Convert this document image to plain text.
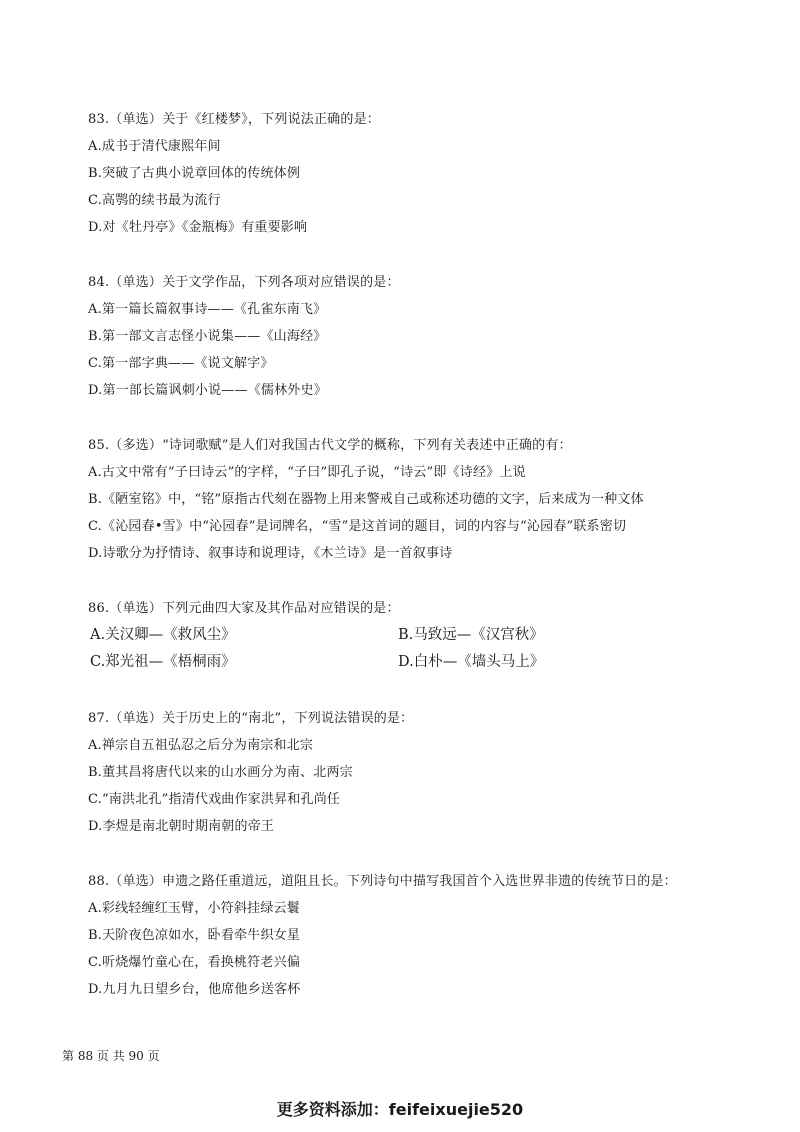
83.（单选）关于《红楼梦》，下列说法正确的是：
A.成书于清代康熙年间
B.突破了古典小说章回体的传统体例
C.高鹗的续书最为流行
D.对《牡丹亭》《金瓶梅》有重要影响
84.（单选）关于文学作品，下列各项对应错误的是：
A.第一篇长篇叙事诗——《孔雀东南飞》
B.第一部文言志怪小说集——《山海经》
C.第一部字典——《说文解字》
D.第一部长篇讽刺小说——《儒林外史》
85.（多选）“诗词歌赋”是人们对我国古代文学的概称，下列有关表述中正确的有：
A.古文中常有“子曰诗云”的字样，“子曰”即孔子说，“诗云”即《诗经》上说
B.《陋室铭》中，“铭”原指古代刻在器物上用来警戒自己或称述功德的文字，后来成为一种文体
C.《沁园春•雪》中“沁园春”是词牌名，“雪”是这首词的题目，词的内容与“沁园春”联系密切
D.诗歌分为抒情诗、叙事诗和说理诗，《木兰诗》是一首叙事诗
86.（单选）下列元曲四大家及其作品对应错误的是：
A.关汉卿—《救风尘》	B.马致远—《汉宫秋》
C.郑光祖—《梧桐雨》	D.白朴—《墙头马上》
87.（单选）关于历史上的“南北”，下列说法错误的是：
A.禅宗自五祖弘忍之后分为南宗和北宗
B.董其昌将唐代以来的山水画分为南、北两宗
C.“南洪北孔”指清代戏曲作家洪昇和孔尚任
D.李煜是南北朝时期南朝的帝王
88.（单选）申遗之路任重道远，道阻且长。下列诗句中描写我国首个入选世界非遗的传统节日的是：
A.彩线轻缠红玉臂，小符斜挂绿云鬟
B.天阶夜色凉如水，卧看牵牛织女星
C.听烧爆竹童心在，看换桃符老兴偏
D.九月九日望乡台，他席他乡送客杯
第 88 页 共 90 页
更多资料添加：feifeixuejie520
